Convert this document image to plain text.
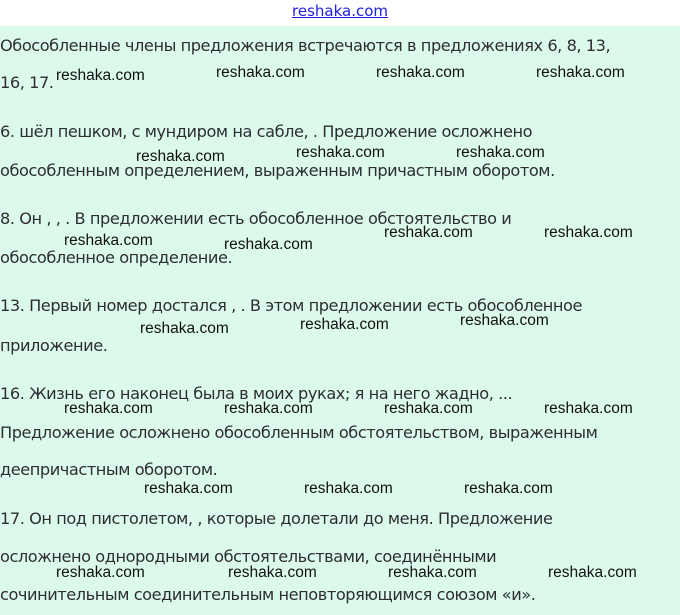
reshaka.com

Обособленные члены предложения встречаются в предложениях 6, 8, 13,

16, 17.

6. шёл пешком, с мундиром на сабле, . Предложение осложнено

обособленным определением, выраженным причастным оборотом.

8. Он , , . В предложении есть обособленное обстоятельство и

обособленное определение.

13. Первый номер достался , . В этом предложении есть обособленное

приложение.

16. Жизнь его наконец была в моих руках; я на него жадно, ...

Предложение осложнено обособленным обстоятельством, выраженным

деепричастным оборотом.

17. Он под пистолетом, , которые долетали до меня. Предложение

осложнено однородными обстоятельствами, соединёнными

сочинительным соединительным неповторяющимся союзом «и».

reshaka.com	reshaka.com	reshaka.com	reshaka.com
reshaka.com	reshaka.com	reshaka.com
reshaka.com	reshaka.com
reshaka.com	reshaka.com
reshaka.com	reshaka.com	reshaka.com
reshaka.com	reshaka.com	reshaka.com	reshaka.com
reshaka.com	reshaka.com	reshaka.com
reshaka.com	reshaka.com	reshaka.com	reshaka.com
